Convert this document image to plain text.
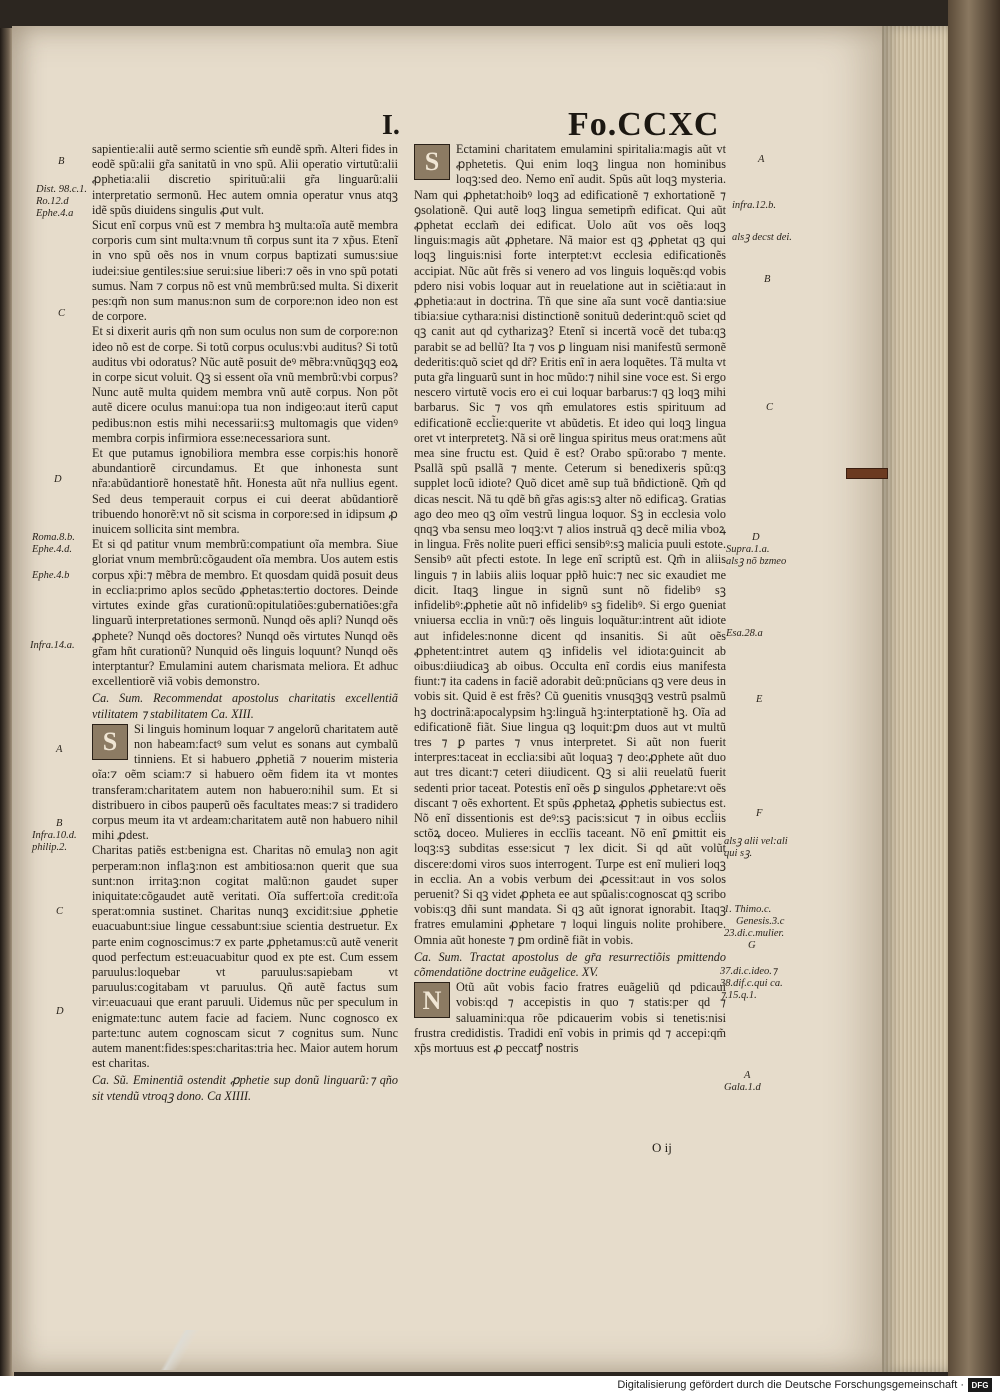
I.	Fo.CCXC

sapientie:alii autẽ sermo scientie sm̃ eundẽ spm̃. Alteri fides in eodẽ spũ:alii gr̃a sanitatũ in vno spũ. Alii operatio virtutũ:alii ꝓphetia:alii discretio spirituũ:alii gr̃a linguarũ:alii interpretatio sermonũ. Hec autem omnia operatur vnus atqꝫ idẽ spũs diuidens singulis ꝓut vult.

Sicut enĩ corpus vnũ est ⁊ membra hꝫ multa:oĩa autẽ membra corporis cum sint multa:vnum tñ corpus sunt ita ⁊ xp̃us. Etenĩ in vno spũ oẽs nos in vnum corpus baptizati sumus:siue iudei:siue gentiles:siue serui:siue liberi:⁊ oẽs in vno spũ potati sumus. Nam ⁊ corpus nõ est vnũ membrũ:sed multa. Si dixerit pes:qm̃ non sum manus:non sum de corpore:non ideo non est de corpore.

Et si dixerit auris qm̃ non sum oculus non sum de corpore:non ideo nõ est de corpe. Si totũ corpus oculus:vbi auditus? Si totũ auditus vbi odoratus? Nũc autẽ posuit deꝰ mẽbra:vnũqꝫqꝫ eoꝝ in corpe sicut voluit. Qꝫ si essent oĩa vnũ membrũ:vbi corpus? Nunc autẽ multa quidem membra vnũ autẽ corpus. Non põt autẽ dicere oculus manui:opa tua non indigeo:aut iterũ caput pedibus:non estis mihi necessarii:sꝫ multomagis que videnꝰ membra corpis infirmiora esse:necessariora sunt.

Et que putamus ignobiliora membra esse corpis:his honorẽ abundantiorẽ circundamus. Et que inhonesta sunt nr̃a:abũdantiorẽ honestatẽ hñt. Honesta aũt nr̃a nullius egent. Sed deus temperauit corpus ei cui deerat abũdantiorẽ tribuendo honorẽ:vt nõ sit scisma in corpore:sed in idipsum ꝓ inuicem sollicita sint membra.

Et si qd patitur vnum membrũ:compatiunt oĩa membra. Siue gloriat vnum membrũ:cõgaudent oĩa membra. Uos autem estis corpus xp̃i:⁊ mẽbra de membro. Et quosdam quidã posuit deus in ecclia:primo aplos secũdo ꝓphetas:tertio doctores. Deinde virtutes exinde gr̃as curationũ:opitulatiões:gubernatiões:gr̃a linguarũ interpretationes sermonũ. Nunqd oẽs apli? Nunqd oẽs ꝓphete? Nunqd oẽs doctores? Nunqd oẽs virtutes Nunqd oẽs gr̃am hñt curationũ? Nunquid oẽs linguis loquunt? Nunqd oẽs interptantur? Emulamini autem charismata meliora. Et adhuc excellentiorẽ viã vobis demonstro.

Ca. Sum. Recommendat apostolus charitatis excellentiã vtilitatem ⁊ stabilitatem Ca. XIII.

S	Si linguis hominum loquar ⁊ angelorũ charitatem autẽ non habeam:factꝰ sum velut es sonans aut cymbalũ tinniens. Et si habuero ꝓphetiã ⁊ nouerim misteria oĩa:⁊ oẽm sciam:⁊ si habuero oẽm fidem ita vt montes transferam:charitatem autem non habuero:nihil sum. Et si distribuero in cibos pauperũ oẽs facultates meas:⁊ si tradidero corpus meum ita vt ardeam:charitatem autẽ non habuero nihil mihi ꝓdest.

Charitas patiẽs est:benigna est. Charitas nõ emulaꝫ non agit perperam:non inflaꝫ:non est ambitiosa:non querit que sua sunt:non irritaꝫ:non cogitat malũ:non gaudet super iniquitate:cõgaudet autẽ veritati. Oĩa suffert:oĩa credit:oĩa sperat:omnia sustinet. Charitas nunqꝫ excidit:siue ꝓphetie euacuabunt:siue lingue cessabunt:siue scientia destruetur. Ex parte enim cognoscimus:⁊ ex parte ꝓphetamus:cũ autẽ venerit quod perfectum est:euacuabitur quod ex pte est. Cum essem paruulus:loquebar vt paruulus:sapiebam vt paruulus:cogitabam vt paruulus. Qñ autẽ factus sum vir:euacuaui que erant paruuli. Uidemus nũc per speculum in enigmate:tunc autem facie ad faciem. Nunc cognosco ex parte:tunc autem cognoscam sicut ⁊ cognitus sum. Nunc autem manent:fides:spes:charitas:tria hec. Maior autem horum est charitas.

Ca. Sũ. Eminentiã ostendit ꝓphetie sup donũ linguarũ:⁊ qño sit vtendũ vtroqꝫ dono. Ca XIIII.

S	Ectamini charitatem emulamini spiritalia:magis aũt vt ꝓphetetis. Qui enim loqꝫ lingua non hominibus loqꝫ:sed deo. Nemo enĩ audit. Spũs aũt loqꝫ mysteria. Nam qui ꝓphetat:hoibꝰ loqꝫ ad edificationẽ ⁊ exhortationẽ ⁊ ꝯsolationẽ. Qui autẽ loqꝫ lingua semetipm̃ edificat. Qui aũt ꝓphetat ecclam̃ dei edificat. Uolo aũt vos oẽs loqꝫ linguis:magis aũt ꝓphetare. Nã maior est qꝫ ꝓphetat qꝫ qui loqꝫ linguis:nisi forte interptet:vt ecclesia edificationẽs accipiat. Nũc aũt frẽs si venero ad vos linguis loquẽs:qd vobis pdero nisi vobis loquar aut in reuelatione aut in sciẽtia:aut in ꝓphetia:aut in doctrina. Tñ que sine aĩa sunt vocẽ dantia:siue tibia:siue cythara:nisi distinctionẽ sonituũ dederint:quõ sciet qd qꝫ canit aut qd cytharizaꝫ? Etenĩ si incertã vocẽ det tuba:qꝫ parabit se ad bellũ? Ita ⁊ vos ꝑ linguam nisi manifestũ sermonẽ dederitis:quõ sciet qd dr̃? Eritis enĩ in aera loquẽtes. Tã multa vt puta gr̃a linguarũ sunt in hoc mũdo:⁊ nihil sine voce est. Si ergo nescero virtutẽ vocis ero ei cui loquar barbarus:⁊ qꝫ loqꝫ mihi barbarus. Sic ⁊ vos qm̃ emulatores estis spirituum ad edificationẽ eccl̃ie:querite vt abũdetis. Et ideo qui loqꝫ lingua oret vt interpretetꝫ. Nã si orẽ lingua spiritus meus orat:mens aũt mea sine fructu est. Quid ẽ est? Orabo spũ:orabo ⁊ mente. Psallã spũ psallã ⁊ mente. Ceterum si benedixeris spũ:qꝫ supplet locũ idiote? Quõ dicet amẽ sup tuã bñdictionẽ. Qm̃ qd dicas nescit. Nã tu qdẽ bñ gr̃as agis:sꝫ alter nõ edificaꝫ. Gratias ago deo meo qꝫ oĩm vestrũ lingua loquor. Sꝫ in ecclesia volo qnqꝫ vba sensu meo loqꝫ:vt ⁊ alios instruã qꝫ decẽ milia vboꝝ in lingua. Frẽs nolite pueri effici sensibꝰ:sꝫ malicia puuli estote. Sensibꝰ aũt pfecti estote. In lege enĩ scriptũ est. Qm̃ in aliis linguis ⁊ in labiis aliis loquar ppłõ huic:⁊ nec sic exaudiet me dicit. Itaqꝫ lingue in signũ sunt nõ fidelibꝰ sꝫ infidelibꝰ:ꝓphetie aũt nõ infidelibꝰ sꝫ fidelibꝰ. Si ergo ꝯueniat vniuersa ecclia in vnũ:⁊ oẽs linguis loquãtur:intrent aũt idiote aut infideles:nonne dicent qd insanitis. Si aũt oẽs ꝓphetent:intret autem qꝫ infidelis vel idiota:ꝯuincit ab oibus:diiudicaꝫ ab oibus. Occulta enĩ cordis eius manifesta fiunt:⁊ ita cadens in faciẽ adorabit deũ:pnũcians qꝫ vere deus in vobis sit. Quid ẽ est frẽs? Cũ ꝯuenitis vnusqꝫqꝫ vestrũ psalmũ hꝫ doctrinã:apocalypsim hꝫ:linguã hꝫ:interptationẽ hꝫ. Oĩa ad edificationẽ fiãt. Siue lingua qꝫ loquit:ꝑm duos aut vt multũ tres ⁊ ꝑ partes ⁊ vnus interpretet. Si aũt non fuerit interpres:taceat in ecclia:sibi aũt loquaꝫ ⁊ deo:ꝓphete aũt duo aut tres dicant:⁊ ceteri diiudicent. Qꝫ si alii reuelatũ fuerit sedenti prior taceat. Potestis enĩ oẽs ꝑ singulos ꝓphetare:vt oẽs discant ⁊ oẽs exhortent. Et spũs ꝓphetaꝝ ꝓphetis subiectus est. Nõ enĩ dissentionis est deꝰ:sꝫ pacis:sicut ⁊ in oibus eccl̃iis sctõꝝ doceo. Mulieres in ecclĩis taceant. Nõ enĩ ꝑmittit eis loqꝫ:sꝫ subditas esse:sicut ⁊ lex dicit. Si qd aũt volũt discere:domi viros suos interrogent. Turpe est enĩ mulieri loqꝫ in ecclia. An a vobis verbum dei ꝓcessit:aut in vos solos peruenit? Si qꝫ videt ꝓpheta ee aut spũalis:cognoscat qꝫ scribo vobis:qꝫ dñi sunt mandata. Si qꝫ aũt ignorat ignorabit. Itaqꝫ fratres emulamini ꝓphetare ⁊ loqui linguis nolite prohibere. Omnia aũt honeste ⁊ ꝑm ordinẽ fiãt in vobis.

Ca. Sum. Tractat apostolus de gr̃a resurrectiõis pmittendo cõmendatiõne doctrine euãgelice. XV.

N	Otũ aũt vobis facio fratres euãgeliũ qd pdicaui vobis:qd ⁊ accepistis in quo ⁊ statis:per qd ⁊ saluamini:qua rõe pdicauerim vobis si tenetis:nisi frustra credidistis. Tradidi enĩ vobis in primis qd ⁊ accepi:qm̃ xp̃s mortuus est ꝓ peccatꝭ nostris

O ij
B
Dist. 98.c.1.
Ro.12.d
Ephe.4.a
C
D
Roma.8.b.
Ephe.4.d.
Ephe.4.b
Infra.14.a.
A
B
Infra.10.d.
philip.2.
C
D
A
infra.12.b.
alsꝫ decst dei.
B
C
D
Supra.1.a.
alsꝫ nõ bzmeo
Esa.28.a
E
F
alsꝫ alii vel:ali
qui sꝫ.
1. Thimo.c.
Genesis.3.c
23.di.c.mulier.
G
37.di.c.ideo.⁊
38.dif.c.qui ca.
⁊.15.q.1.
A
Gala.1.d
Digitalisierung gefördert durch die Deutsche Forschungsgemeinschaft · DFG
